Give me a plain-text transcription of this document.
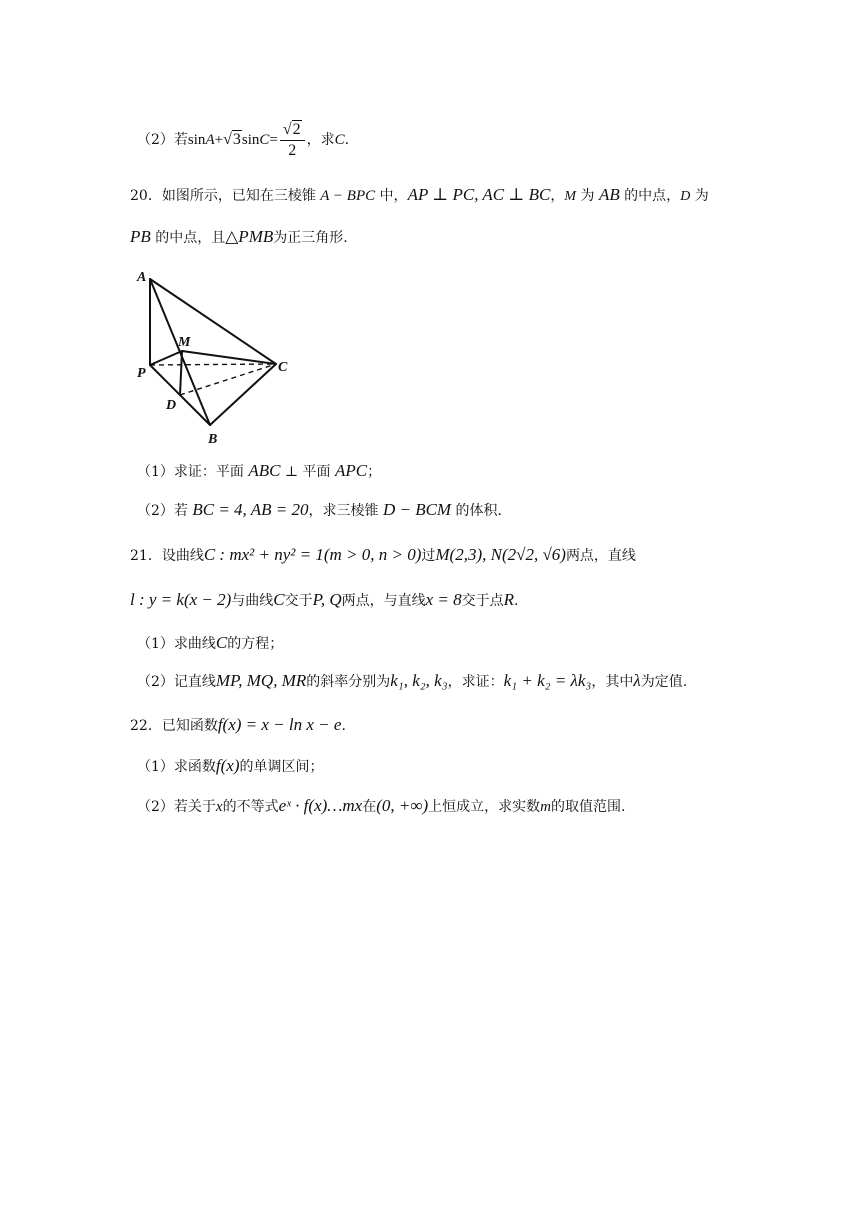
（2）若 sin A + √3 $\sin C = \frac{√2}{2}$ ，求 C .
20．如图所示，已知在三棱锥 A − BPC 中，AP ⊥ PC, AC ⊥ BC，M 为 AB 的中点，D 为
PB 的中点，且△PMB为正三角形.
A
M
P	C
D
B
（1）求证：平面 ABC ⊥ 平面 APC；
（2）若 BC = 4, AB = 20，求三棱锥 D − BCM 的体积.
21．设曲线C : mx² + ny² = 1(m > 0, n > 0)过M(2,3), N(2√2, √6)两点，直线
l : y = k(x − 2)与曲线C交于P, Q两点，与直线x = 8交于点R.
（1）求曲线C的方程；
（2）记直线MP, MQ, MR的斜率分别为k₁, k₂, k₃，求证：k₁ + k₂ = λk₃，其中λ为定值.
22．已知函数f(x) = x − ln x − e.
（1）求函数f(x)的单调区间；
（2）若关于x的不等式eˣ · f(x)…mx在(0, +∞)上恒成立，求实数m的取值范围.
